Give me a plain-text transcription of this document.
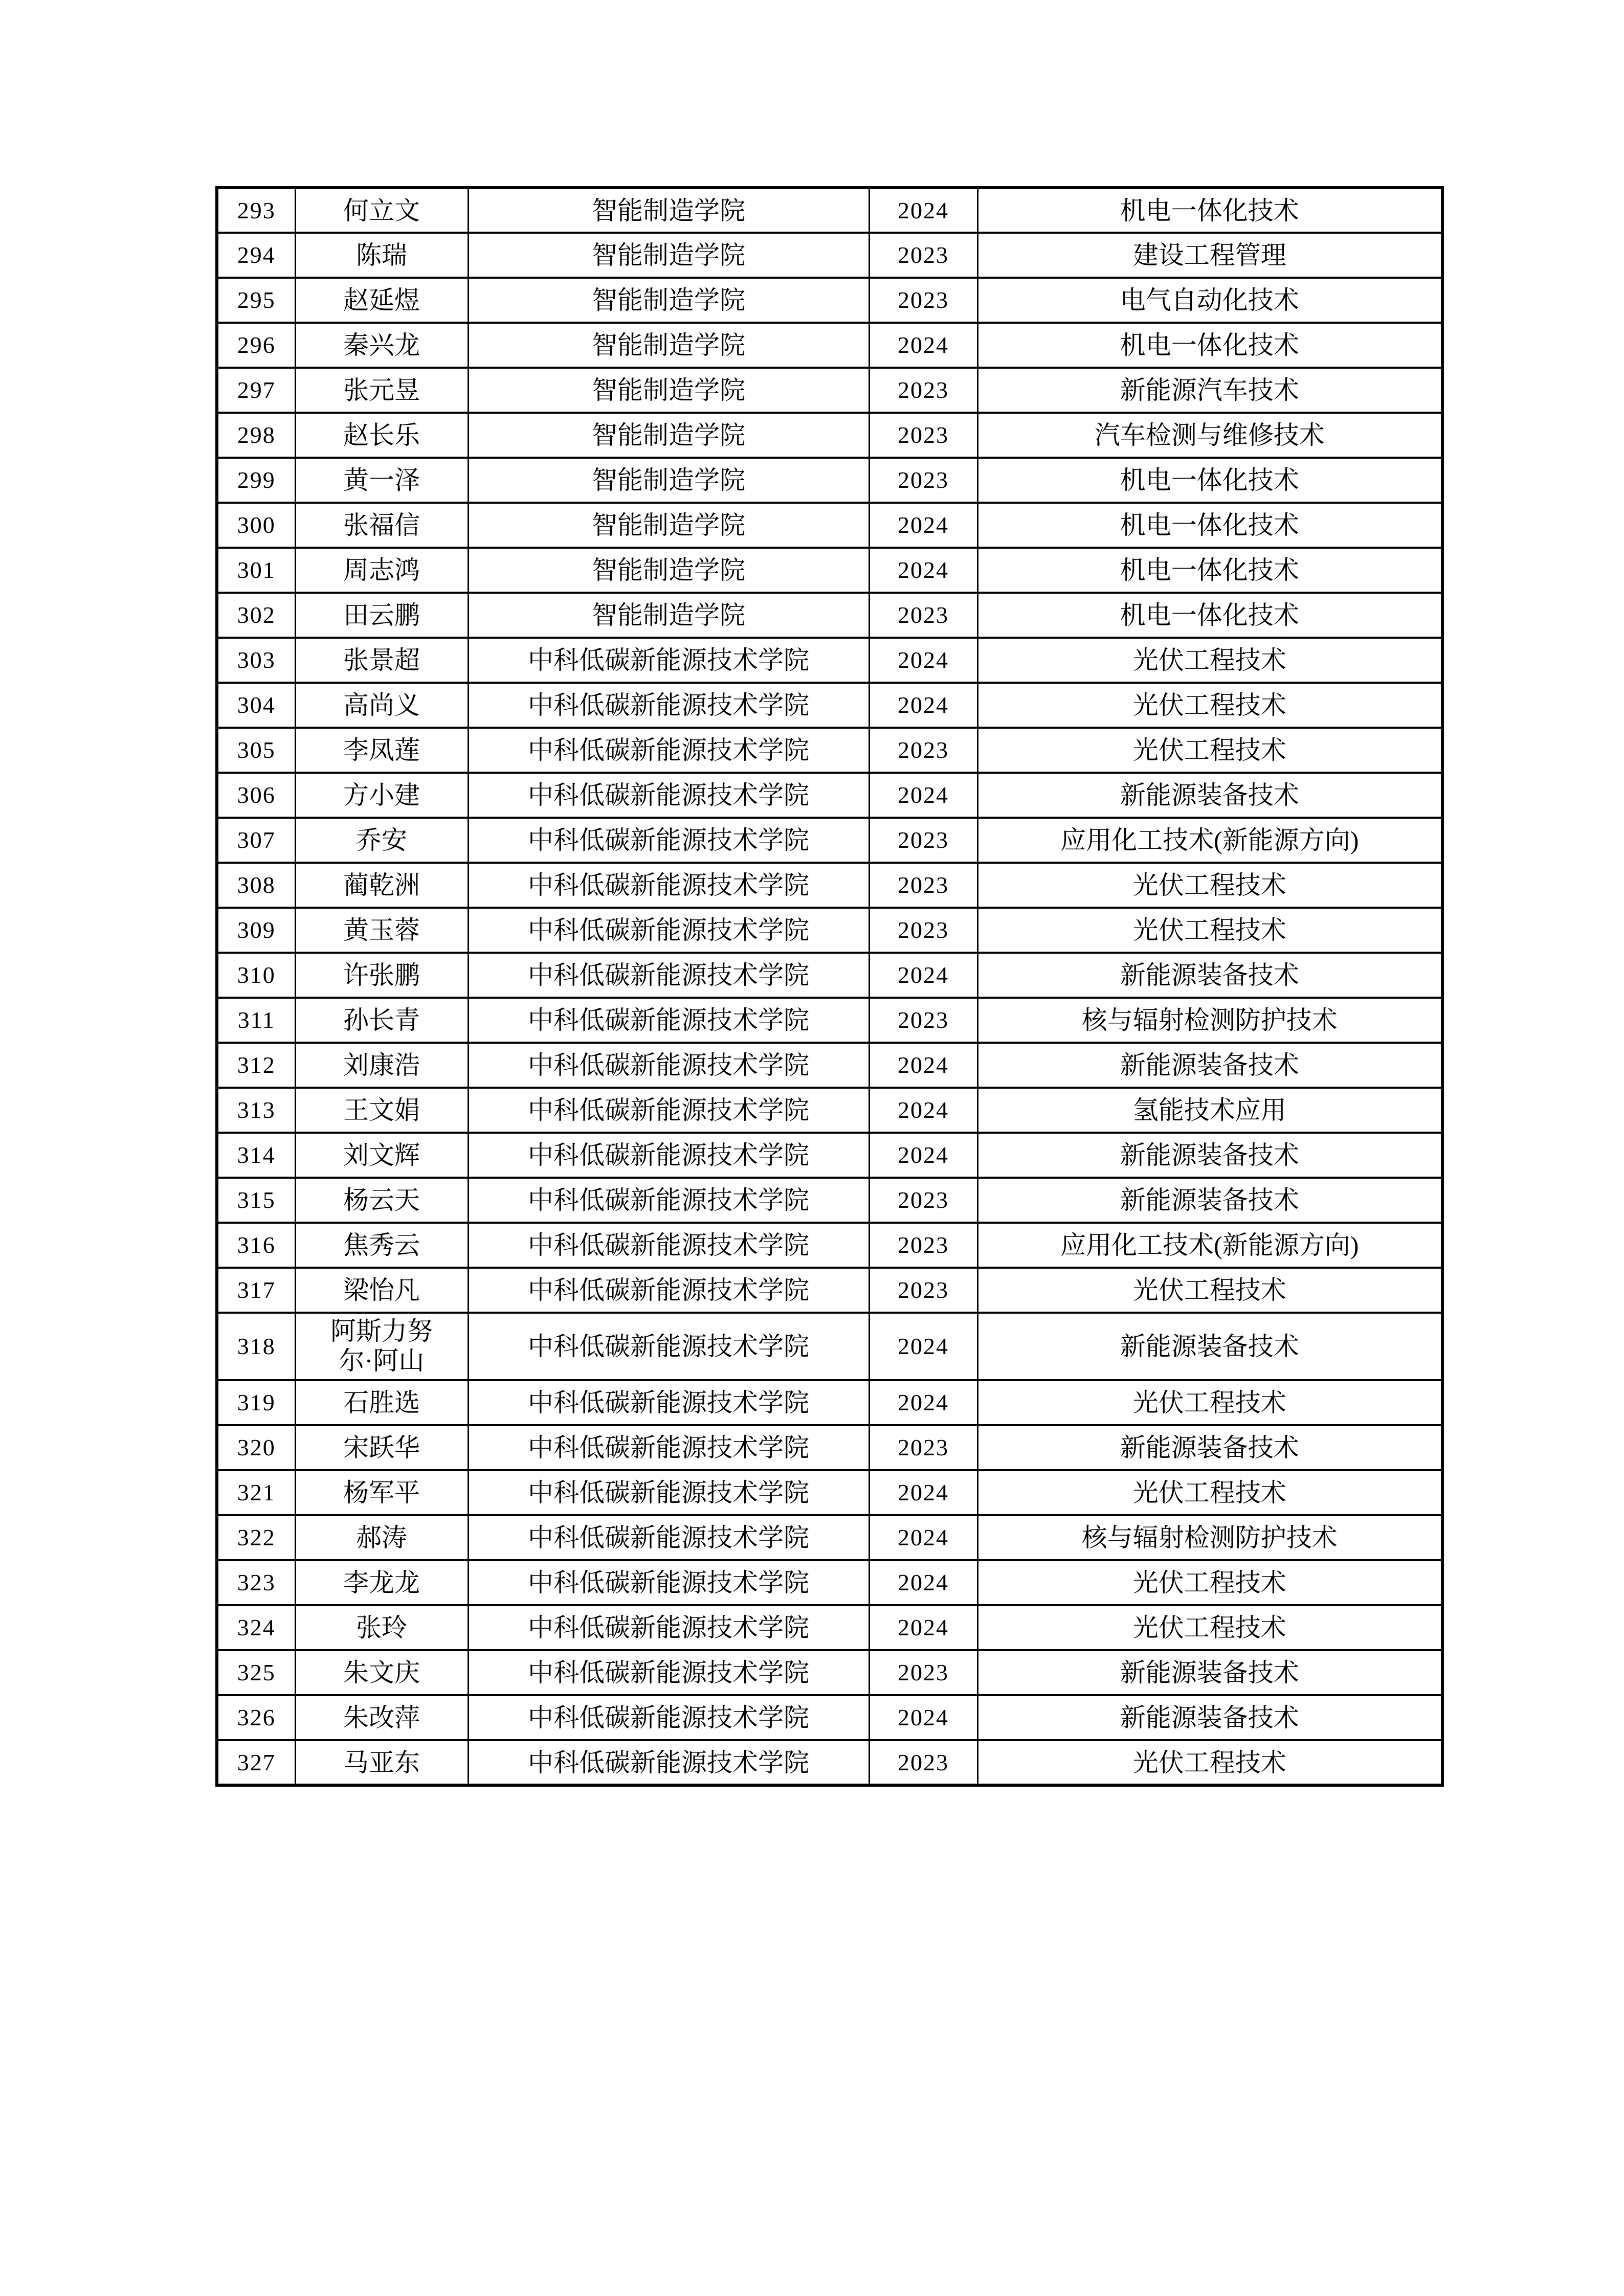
293	何立文	智能制造学院	2024	机电一体化技术
294	陈瑞	智能制造学院	2023	建设工程管理
295	赵延煜	智能制造学院	2023	电气自动化技术
296	秦兴龙	智能制造学院	2024	机电一体化技术
297	张元昱	智能制造学院	2023	新能源汽车技术
298	赵长乐	智能制造学院	2023	汽车检测与维修技术
299	黄一泽	智能制造学院	2023	机电一体化技术
300	张福信	智能制造学院	2024	机电一体化技术
301	周志鸿	智能制造学院	2024	机电一体化技术
302	田云鹏	智能制造学院	2023	机电一体化技术
303	张景超	中科低碳新能源技术学院	2024	光伏工程技术
304	高尚义	中科低碳新能源技术学院	2024	光伏工程技术
305	李凤莲	中科低碳新能源技术学院	2023	光伏工程技术
306	方小建	中科低碳新能源技术学院	2024	新能源装备技术
307	乔安	中科低碳新能源技术学院	2023	应用化工技术(新能源方向)
308	蔺乾洲	中科低碳新能源技术学院	2023	光伏工程技术
309	黄玉蓉	中科低碳新能源技术学院	2023	光伏工程技术
310	许张鹏	中科低碳新能源技术学院	2024	新能源装备技术
311	孙长青	中科低碳新能源技术学院	2023	核与辐射检测防护技术
312	刘康浩	中科低碳新能源技术学院	2024	新能源装备技术
313	王文娟	中科低碳新能源技术学院	2024	氢能技术应用
314	刘文辉	中科低碳新能源技术学院	2024	新能源装备技术
315	杨云天	中科低碳新能源技术学院	2023	新能源装备技术
316	焦秀云	中科低碳新能源技术学院	2023	应用化工技术(新能源方向)
317	梁怡凡	中科低碳新能源技术学院	2023	光伏工程技术
318	阿斯力努尔·阿山	中科低碳新能源技术学院	2024	新能源装备技术
319	石胜选	中科低碳新能源技术学院	2024	光伏工程技术
320	宋跃华	中科低碳新能源技术学院	2023	新能源装备技术
321	杨军平	中科低碳新能源技术学院	2024	光伏工程技术
322	郝涛	中科低碳新能源技术学院	2024	核与辐射检测防护技术
323	李龙龙	中科低碳新能源技术学院	2024	光伏工程技术
324	张玲	中科低碳新能源技术学院	2024	光伏工程技术
325	朱文庆	中科低碳新能源技术学院	2023	新能源装备技术
326	朱改萍	中科低碳新能源技术学院	2024	新能源装备技术
327	马亚东	中科低碳新能源技术学院	2023	光伏工程技术
